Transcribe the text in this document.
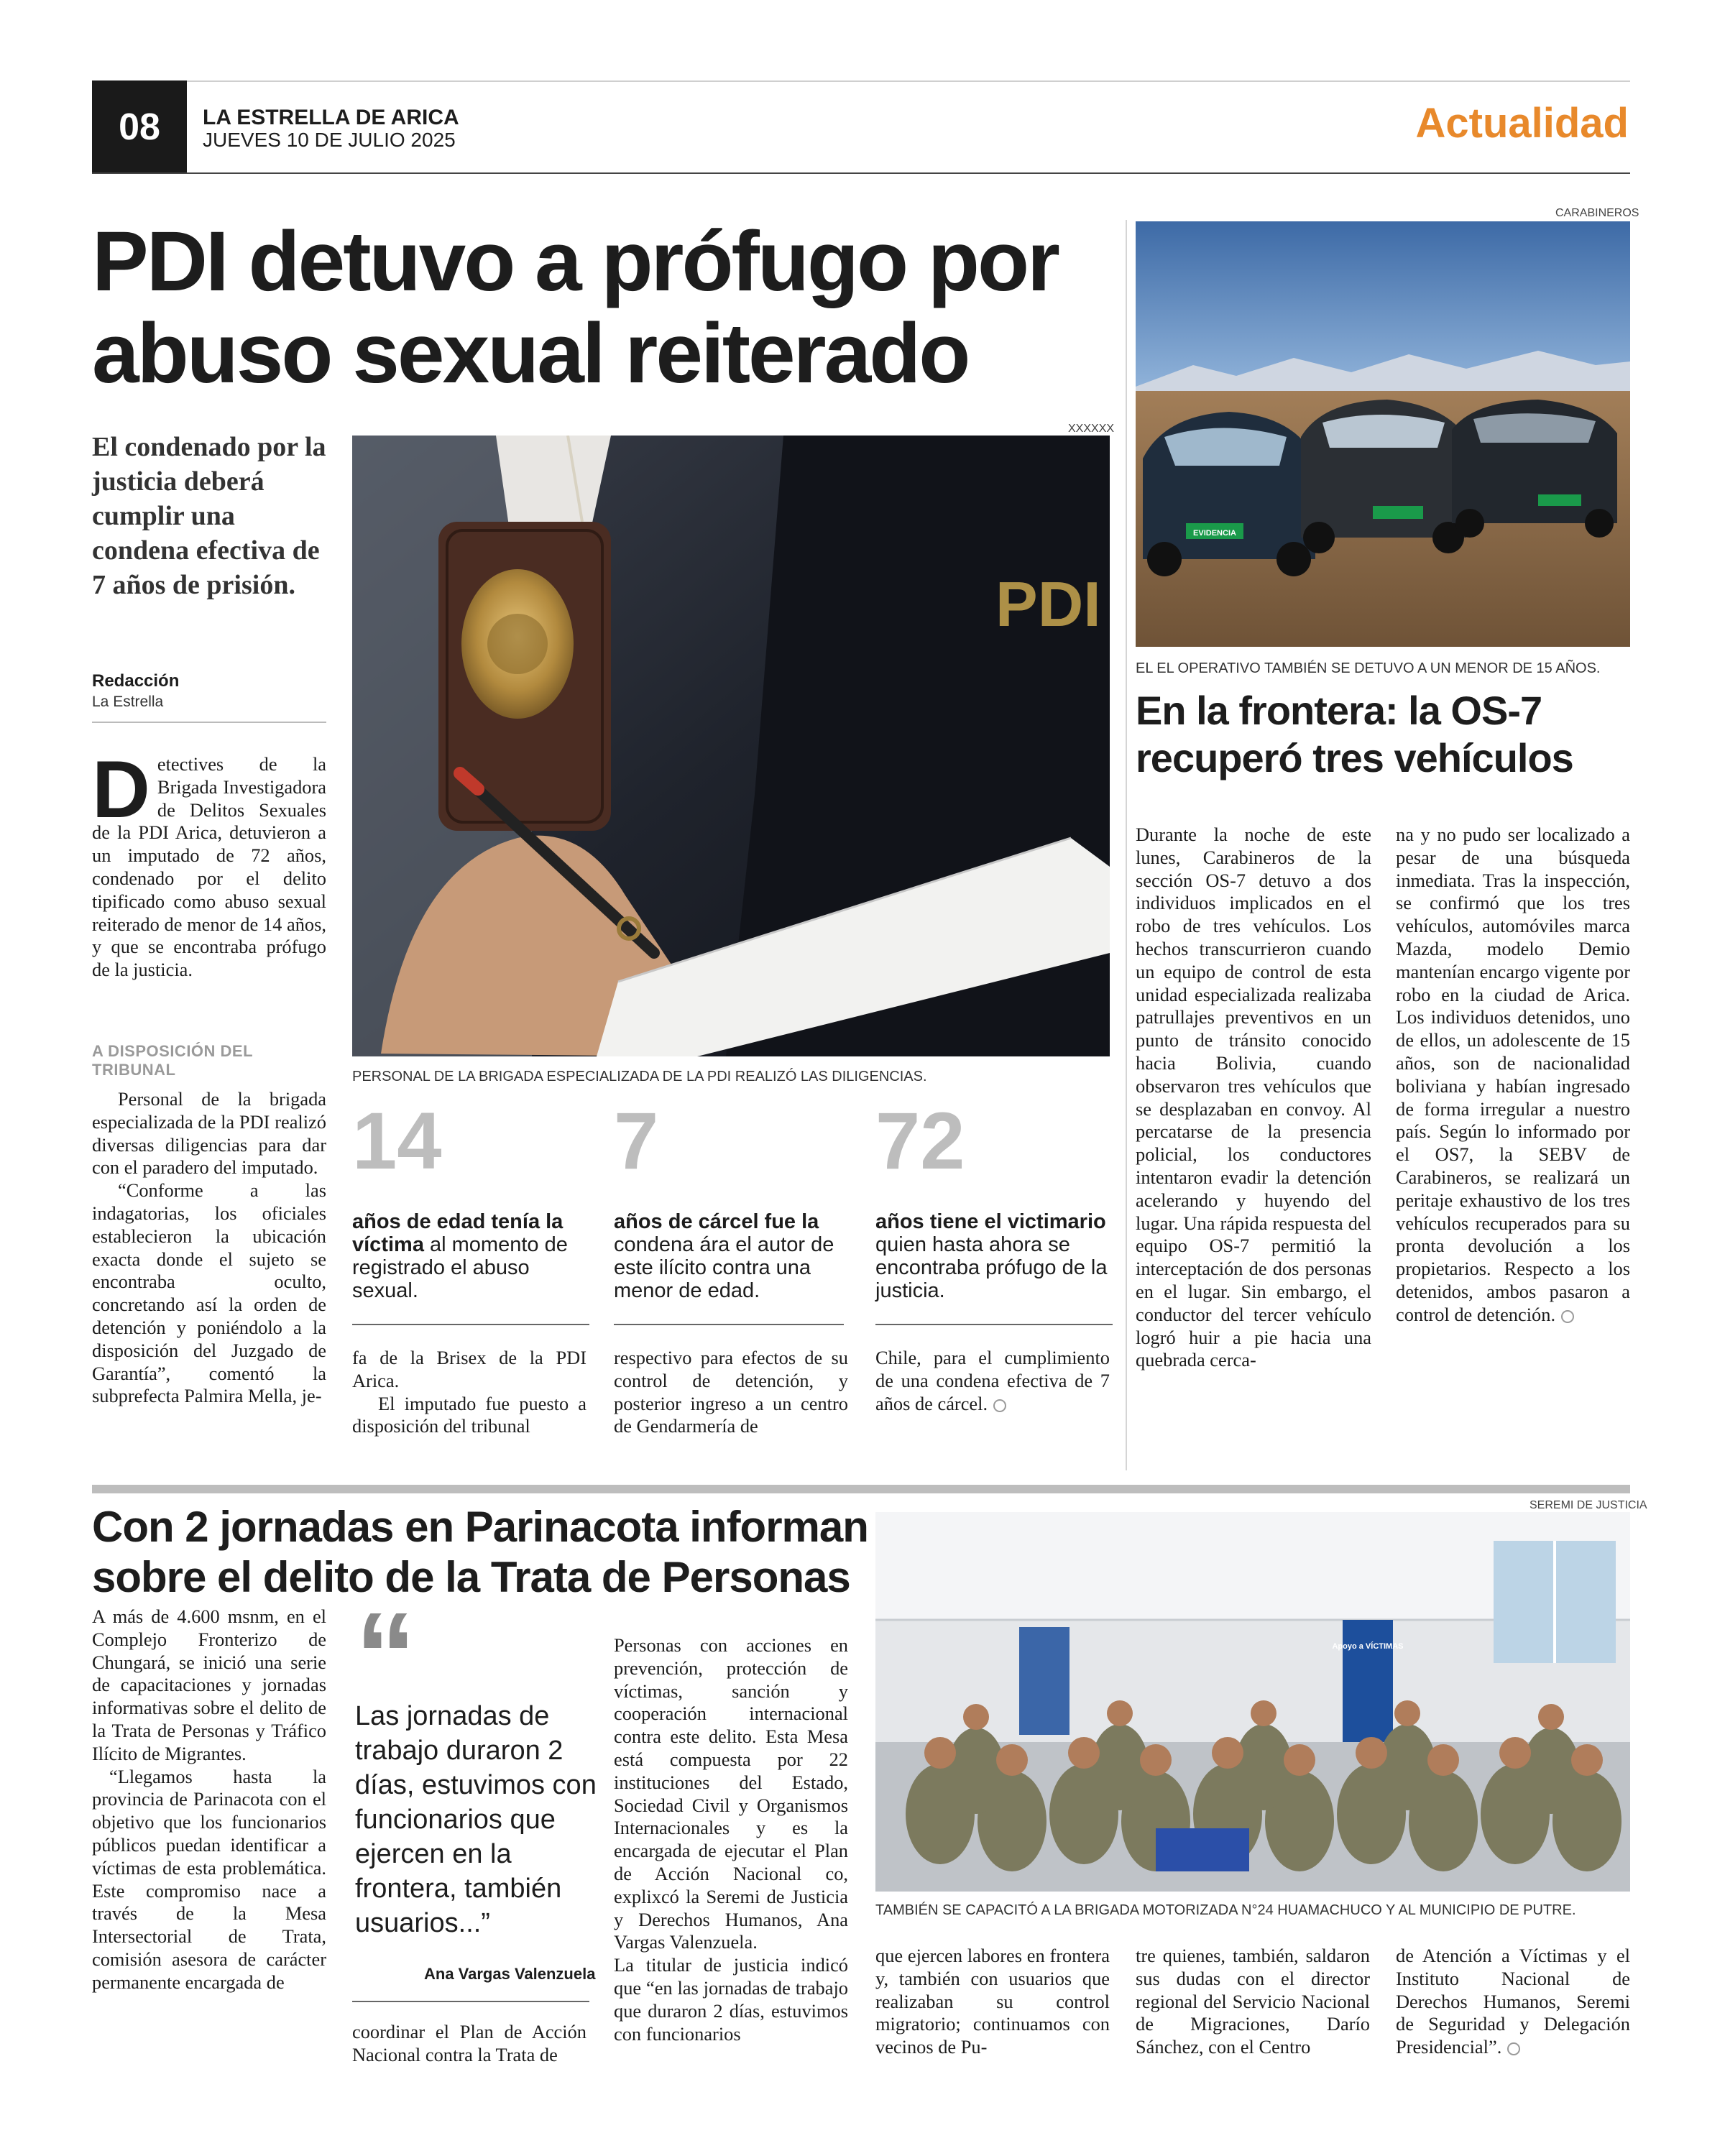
08	LA ESTRELLA DE ARICA
JUEVES 10 DE JULIO 2025	Actualidad
PDI detuvo a prófugo por abuso sexual reiterado
El condenado por la justicia deberá cumplir una condena efectiva de 7 años de prisión.
Redacción
La Estrella
XXXXXX
PDI
PERSONAL DE LA BRIGADA ESPECIALIZADA DE LA PDI REALIZÓ LAS DILIGENCIAS.
Detectives de la Brigada Investigadora de Delitos Sexuales de la PDI Arica, detuvieron a un imputado de 72 años, condenado por el delito tipificado como abuso sexual reiterado de menor de 14 años, y que se encontraba prófugo de la justicia.
A DISPOSICIÓN DEL TRIBUNAL

Personal de la brigada especializada de la PDI realizó diversas diligencias para dar con el paradero del imputado.

“Conforme a las indagatorias, los oficiales establecieron la ubicación exacta donde el sujeto se encontraba oculto, concretando así la orden de detención y poniéndolo a la disposición del Juzgado de Garantía”, comentó la subprefecta Palmira Mella, je-

14
años de edad tenía la víctima al momento de registrado el abuso sexual.
7
años de cárcel fue la condena ára el autor de este ilícito contra una menor de edad.
72
años tiene el victimario quien hasta ahora se encontraba prófugo de la justicia.

fa de la Brisex de la PDI Arica.

El imputado fue puesto a disposición del tribunal

respectivo para efectos de su control de detención, y posterior ingreso a un centro de Gendarmería de
Chile, para el cumplimiento de una condena efectiva de 7 años de cárcel.
CARABINEROS
EVIDENCIA
EL EL OPERATIVO TAMBIÉN SE DETUVO A UN MENOR DE 15 AÑOS.
En la frontera: la OS-7 recuperó tres vehículos
Durante la noche de este lunes, Carabineros de la sección OS-7 detuvo a dos individuos implicados en el robo de tres vehículos. Los hechos transcurrieron cuando un equipo de control de esta unidad especializada realizaba patrullajes preventivos en un punto de tránsito conocido hacia Bolivia, cuando observaron tres vehículos que se desplazaban en convoy. Al percatarse de la presencia policial, los conductores intentaron evadir la detención acelerando y huyendo del lugar. Una rápida respuesta del equipo OS-7 permitió la interceptación de dos personas en el lugar. Sin embargo, el conductor del tercer vehículo logró huir a pie hacia una quebrada cerca-
na y no pudo ser localizado a pesar de una búsqueda inmediata. Tras la inspección, se confirmó que los tres vehículos, automóviles marca Mazda, modelo Demio mantenían encargo vigente por robo en la ciudad de Arica. Los individuos detenidos, uno de ellos, un adolescente de 15 años, son de nacionalidad boliviana y habían ingresado de forma irregular a nuestro país. Según lo informado por el OS7, la SEBV de Carabineros, se realizará un peritaje exhaustivo de los tres vehículos recuperados para su pronta devolución a los propietarios. Respecto a los detenidos, ambos pasaron a control de detención.
Con 2 jornadas en Parinacota informan sobre el delito de la Trata de Personas
SEREMI DE JUSTICIA
Apoyo a VÍCTIMAS
TAMBIÉN SE CAPACITÓ A LA BRIGADA MOTORIZADA N°24 HUAMACHUCO Y AL MUNICIPIO DE PUTRE.

A más de 4.600 msnm, en el Complejo Fronterizo de Chungará, se inició una serie de capacitaciones y jornadas informativas sobre el delito de la Trata de Personas y Tráfico Ilícito de Migrantes.

“Llegamos hasta la provincia de Parinacota con el objetivo que los funcionarios públicos puedan identificar a víctimas de esta problemática. Este compromiso nace a través de la Mesa Intersectorial de Trata, comisión asesora de carácter permanente encargada de

“
Las jornadas de trabajo duraron 2 días, estuvimos con funcionarios que ejercen en la frontera, también usuarios...”
Ana Vargas Valenzuela
coordinar el Plan de Acción Nacional contra la Trata de

Personas con acciones en prevención, protección de víctimas, sanción y cooperación internacional contra este delito. Esta Mesa está compuesta por 22 instituciones del Estado, Sociedad Civil y Organismos Internacionales y es la encargada de ejecutar el Plan de Acción Nacional co, explixcó la Seremi de Justicia y Derechos Humanos, Ana Vargas Valenzuela.

La titular de justicia indicó que “en las jornadas de trabajo que duraron 2 días, estuvimos con funcionarios

que ejercen labores en frontera y, también con usuarios que realizaban su control migratorio; continuamos con vecinos de Pu-
tre quienes, también, saldaron sus dudas con el director regional del Servicio Nacional de Migraciones, Darío Sánchez, con el Centro
de Atención a Víctimas y el Instituto Nacional de Derechos Humanos, Seremi de Seguridad y Delegación Presidencial”.
